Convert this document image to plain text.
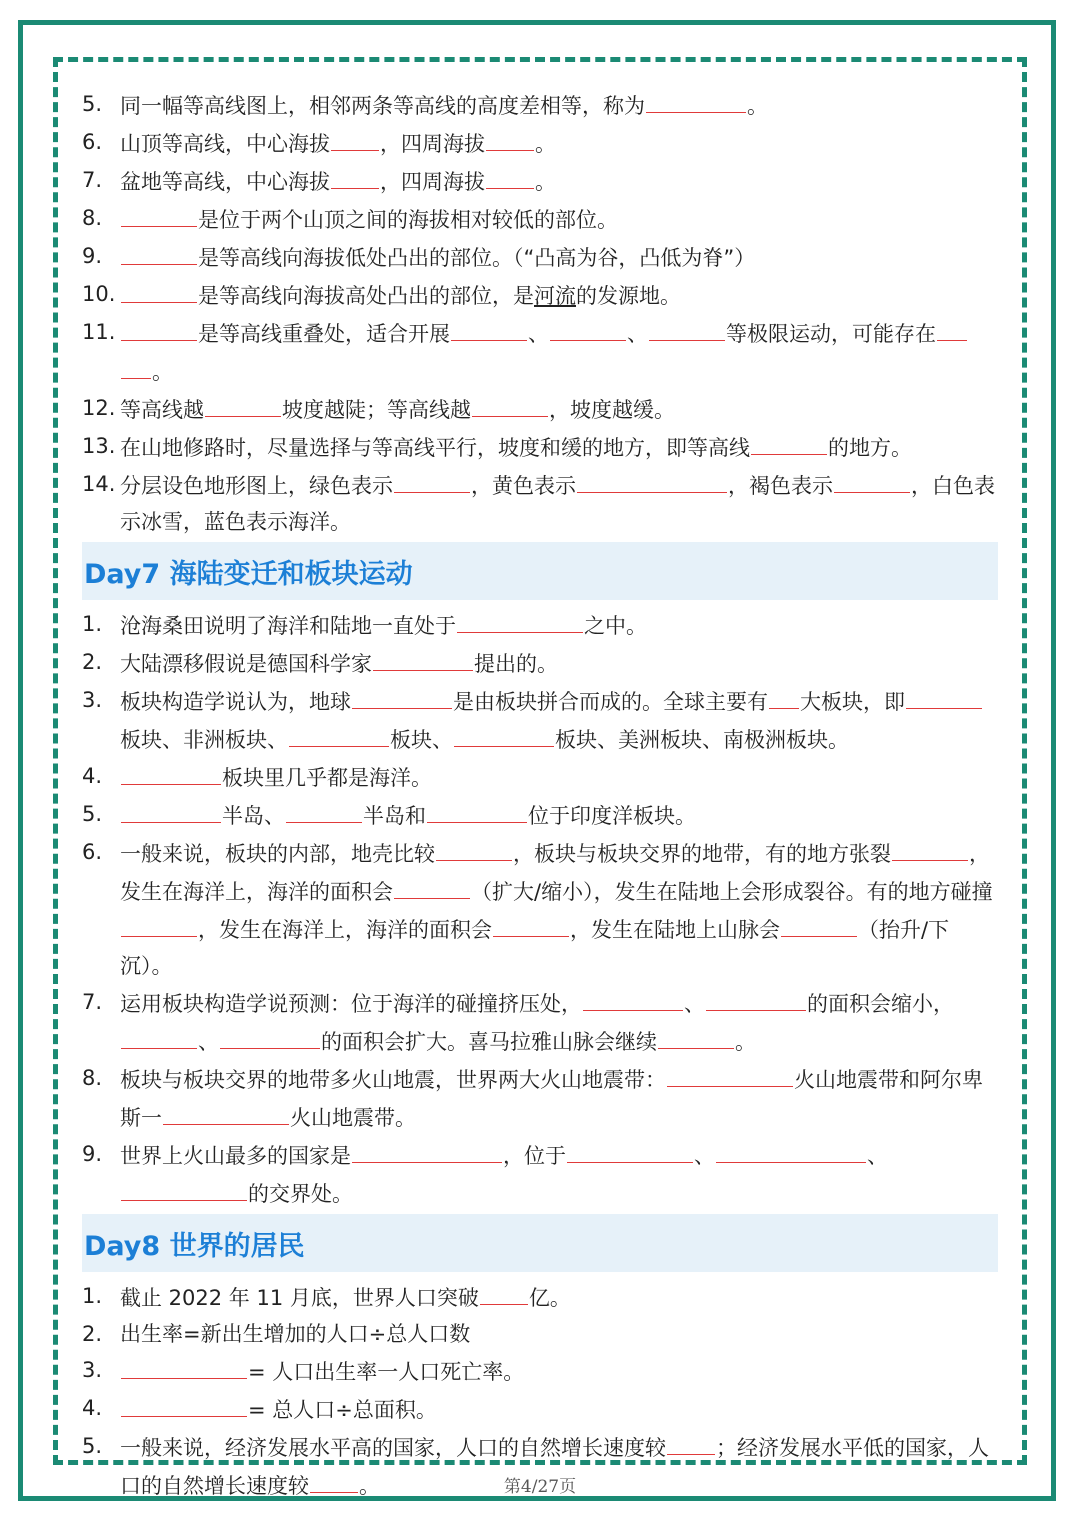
5. 同一幅等高线图上，相邻两条等高线的高度差相等，称为	。
6. 山顶等高线，中心海拔 ，四周海拔 。
7. 盆地等高线，中心海拔 ，四周海拔 。
8.	是位于两个山顶之间的海拔相对较低的部位。
9.	是等高线向海拔低处凸出的部位。（“凸高为谷，凸低为脊”）
10.	是等高线向海拔高处凸出的部位，是河流的发源地。
11.	是等高线重叠处，适合开展	、	、	等极限运动，可能存在
。
12. 等高线越	坡度越陡；等高线越	，坡度越缓。
13. 在山地修路时，尽量选择与等高线平行，坡度和缓的地方，即等高线	的地方。
14. 分层设色地形图上，绿色表示	，黄色表示	，褐色表示	，白色表示冰雪，蓝色表示海洋。
Day7 海陆变迁和板块运动
1. 沧海桑田说明了海洋和陆地一直处于	之中。
2. 大陆漂移假说是德国科学家	提出的。
3. 板块构造学说认为，地球	是由板块拼合而成的。全球主要有 大板块，即板块、非洲板块、	板块、	板块、美洲板块、南极洲板块。
4.	板块里几乎都是海洋。
5.	半岛、	半岛和	位于印度洋板块。
6. 一般来说，板块的内部，地壳比较	，板块与板块交界的地带，有的地方张裂	，发生在海洋上，海洋的面积会	（扩大/缩小），发生在陆地上会形成裂谷。有的地方碰撞，发生在海洋上，海洋的面积会	，发生在陆地上山脉会	（抬升/下沉）。
7. 运用板块构造学说预测：位于海洋的碰撞挤压处，	、	的面积会缩小，、	的面积会扩大。喜马拉雅山脉会继续	。
8. 板块与板块交界的地带多火山地震，世界两大火山地震带：	火山地震带和阿尔卑斯一	火山地震带。
9. 世界上火山最多的国家是	，位于	、	、的交界处。
Day8 世界的居民
1. 截止 2022 年 11 月底，世界人口突破 亿。
2. 出生率=新出生增加的人口÷总人口数
3.	= 人口出生率一人口死亡率。
4.	= 总人口÷总面积。
5. 一般来说，经济发展水平高的国家，人口的自然增长速度较 ；经济发展水平低的国家，人口的自然增长速度较 。	第4/27页
